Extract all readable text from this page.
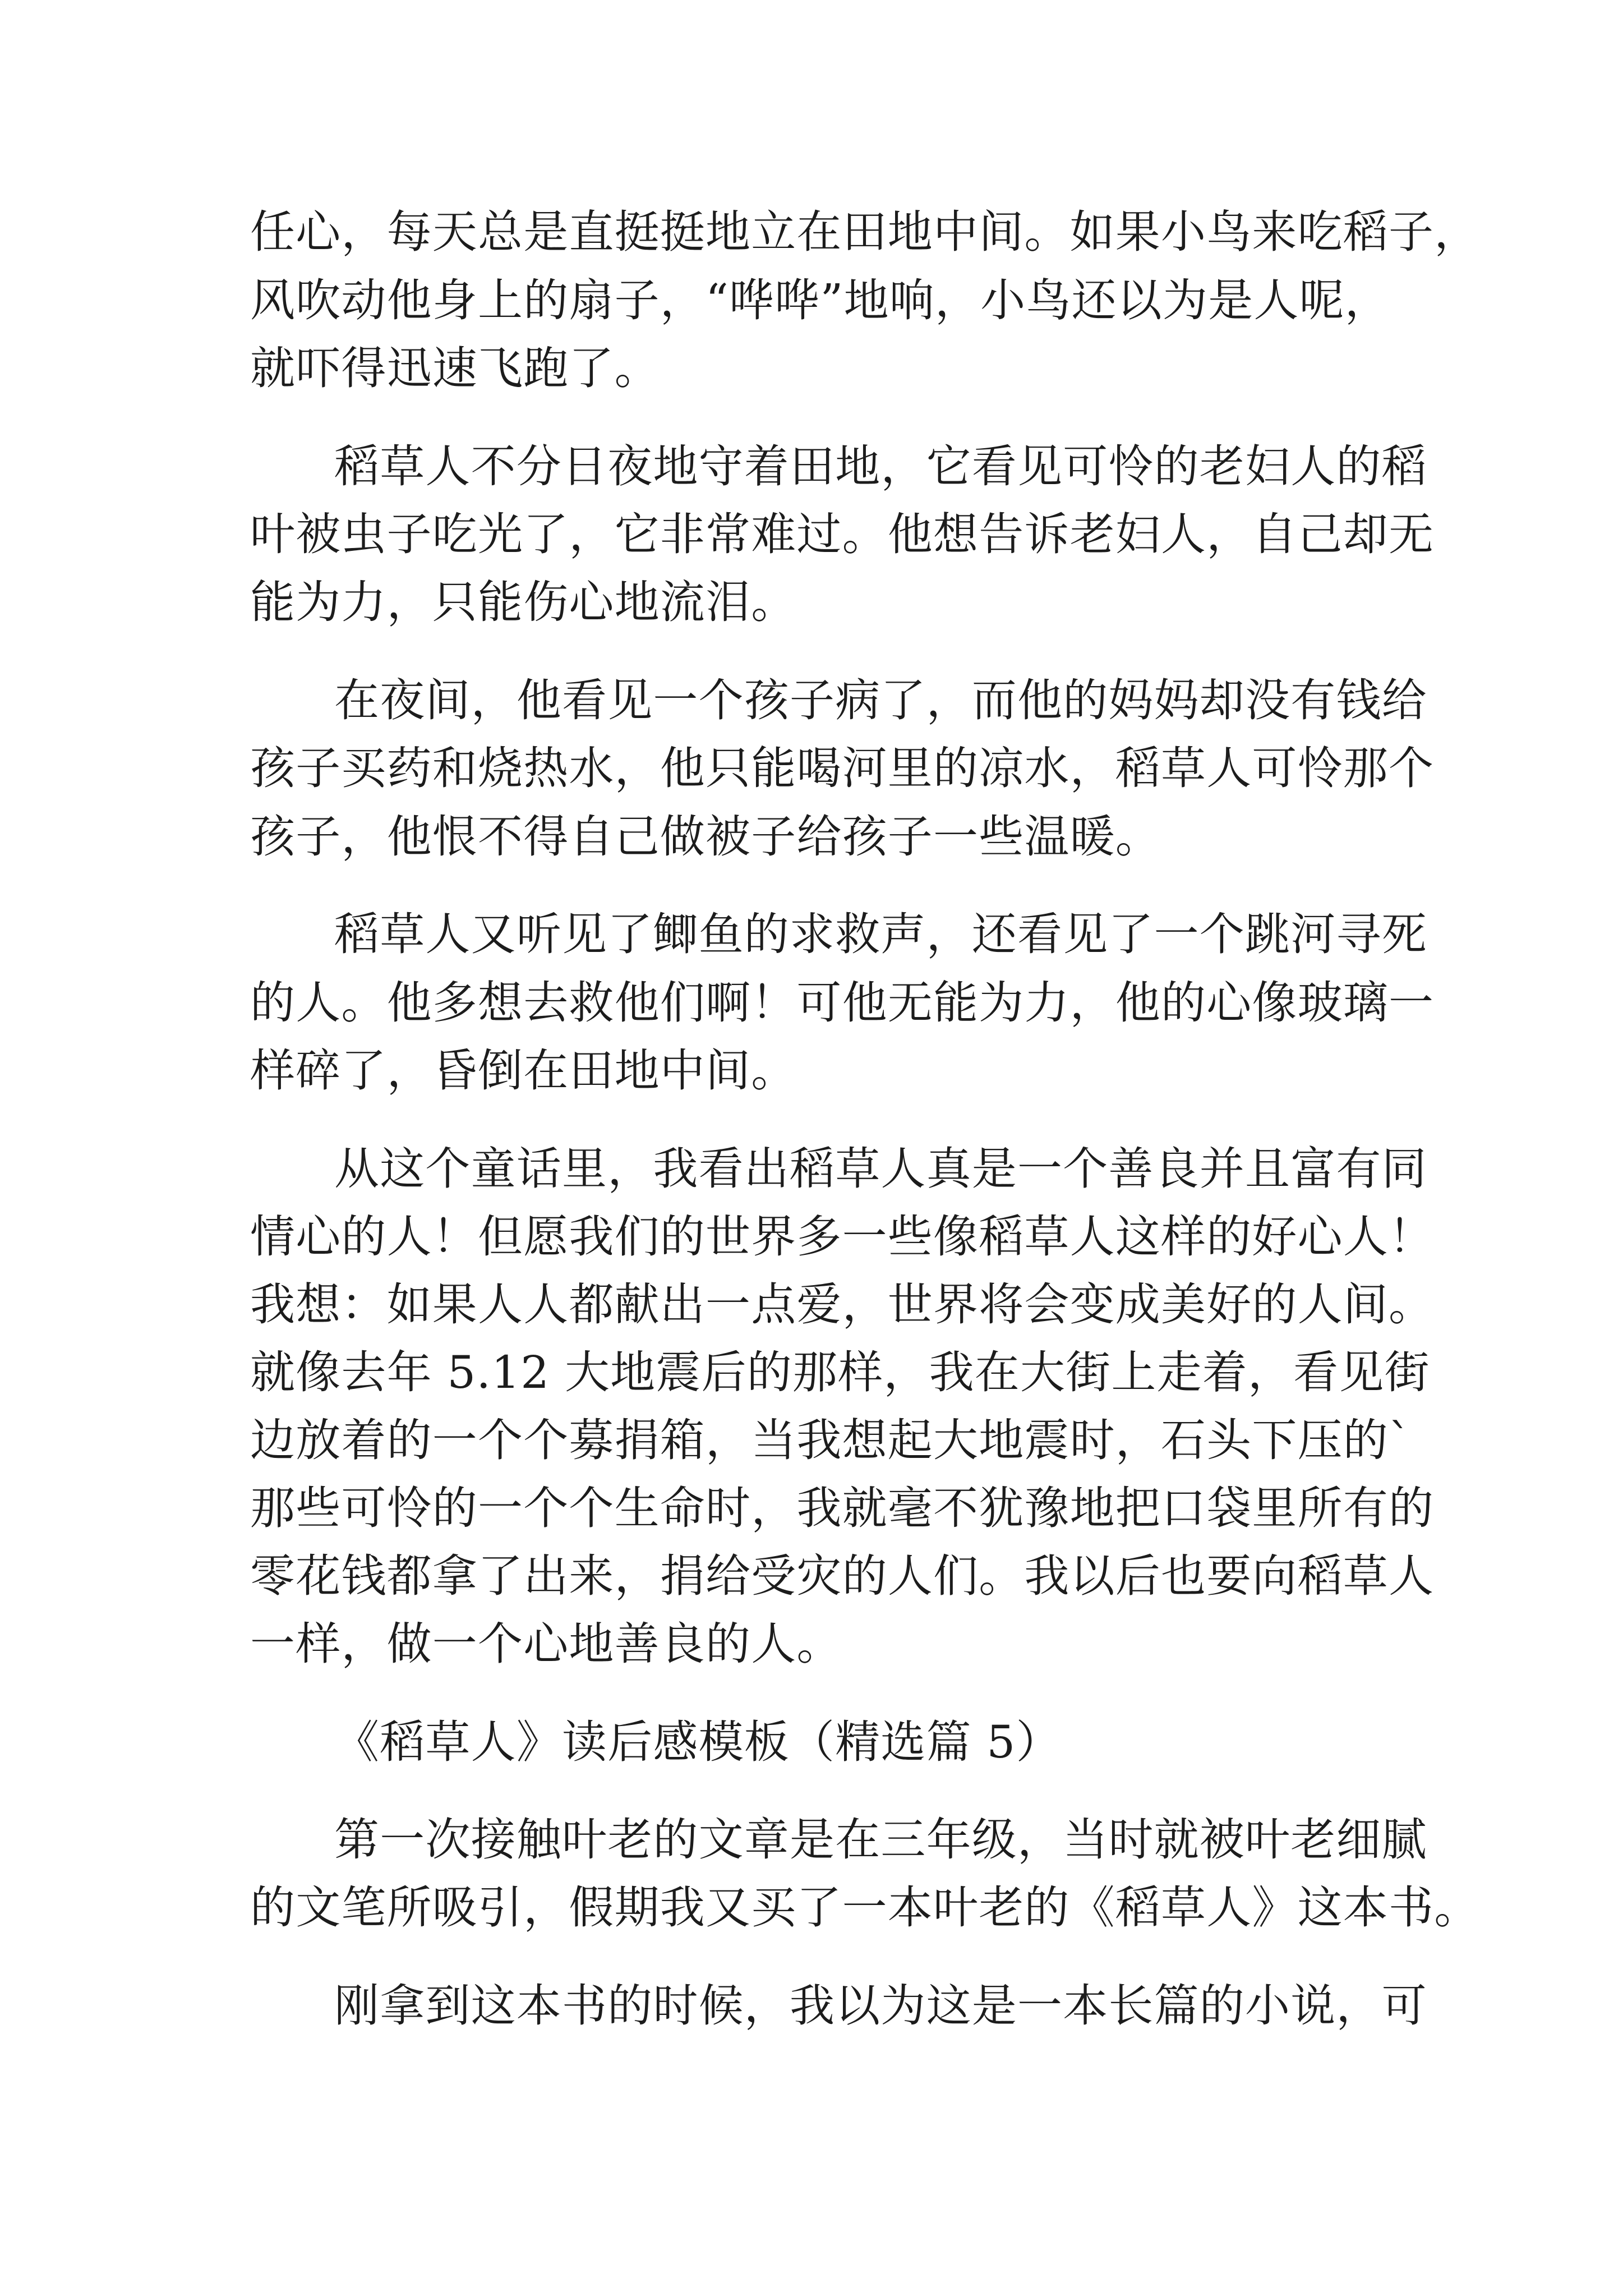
任心，每天总是直挺挺地立在田地中间。如果小鸟来吃稻子，
风吹动他身上的扇子，“哗哗”地响，小鸟还以为是人呢，
就吓得迅速飞跑了。
稻草人不分日夜地守着田地，它看见可怜的老妇人的稻
叶被虫子吃光了，它非常难过。他想告诉老妇人，自己却无
能为力，只能伤心地流泪。
在夜间，他看见一个孩子病了，而他的妈妈却没有钱给
孩子买药和烧热水，他只能喝河里的凉水，稻草人可怜那个
孩子，他恨不得自己做被子给孩子一些温暖。
稻草人又听见了鲫鱼的求救声，还看见了一个跳河寻死
的人。他多想去救他们啊！可他无能为力，他的心像玻璃一
样碎了，昏倒在田地中间。
从这个童话里，我看出稻草人真是一个善良并且富有同
情心的人！但愿我们的世界多一些像稻草人这样的好心人！
我想：如果人人都献出一点爱，世界将会变成美好的人间。
就像去年 5.12 大地震后的那样，我在大街上走着，看见街
边放着的一个个募捐箱，当我想起大地震时，石头下压的`
那些可怜的一个个生命时，我就毫不犹豫地把口袋里所有的
零花钱都拿了出来，捐给受灾的人们。我以后也要向稻草人
一样，做一个心地善良的人。
《稻草人》读后感模板（精选篇 5）
第一次接触叶老的文章是在三年级，当时就被叶老细腻
的文笔所吸引，假期我又买了一本叶老的《稻草人》这本书。
刚拿到这本书的时候，我以为这是一本长篇的小说，可
